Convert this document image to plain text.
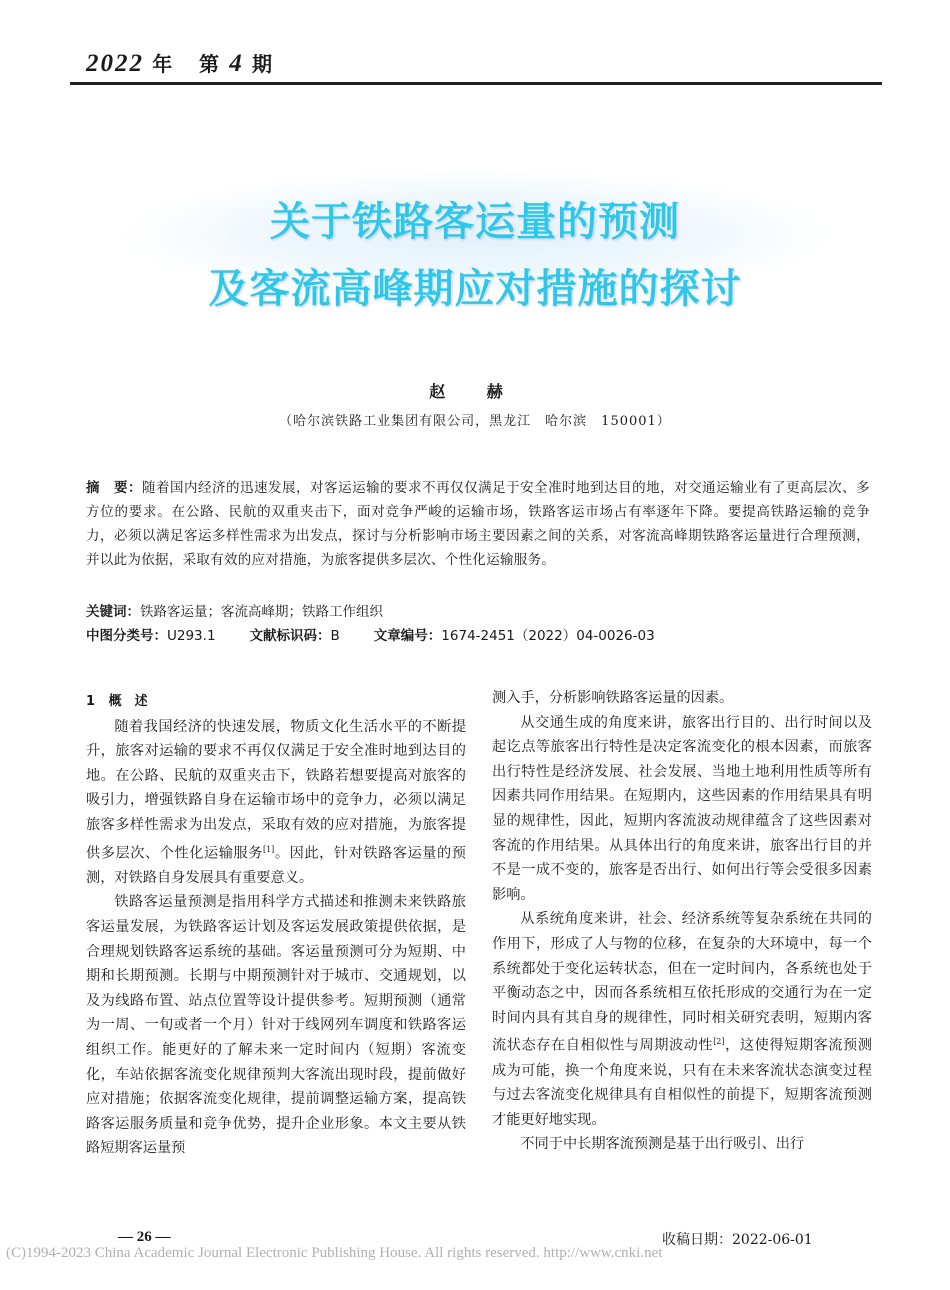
2022 年 第 4 期
关于铁路客运量的预测
及客流高峰期应对措施的探讨
赵 赫
（哈尔滨铁路工业集团有限公司，黑龙江　哈尔滨　150001）
摘　要：随着国内经济的迅速发展，对客运运输的要求不再仅仅满足于安全准时地到达目的地，对交通运输业有了更高层次、多方位的要求。在公路、民航的双重夹击下，面对竞争严峻的运输市场，铁路客运市场占有率逐年下降。要提高铁路运输的竞争力，必须以满足客运多样性需求为出发点，探讨与分析影响市场主要因素之间的关系，对客流高峰期铁路客运量进行合理预测，并以此为依据，采取有效的应对措施，为旅客提供多层次、个性化运输服务。
关键词：铁路客运量；客流高峰期；铁路工作组织
中图分类号：U293.1	文献标识码：B	文章编号：1674-2451（2022）04-0026-03

1 概　述

随着我国经济的快速发展，物质文化生活水平的不断提升，旅客对运输的要求不再仅仅满足于安全准时地到达目的地。在公路、民航的双重夹击下，铁路若想要提高对旅客的吸引力，增强铁路自身在运输市场中的竞争力，必须以满足旅客多样性需求为出发点，采取有效的应对措施，为旅客提供多层次、个性化运输服务[1]。因此，针对铁路客运量的预测，对铁路自身发展具有重要意义。

铁路客运量预测是指用科学方式描述和推测未来铁路旅客运量发展，为铁路客运计划及客运发展政策提供依据，是合理规划铁路客运系统的基础。客运量预测可分为短期、中期和长期预测。长期与中期预测针对于城市、交通规划，以及为线路布置、站点位置等设计提供参考。短期预测（通常为一周、一旬或者一个月）针对于线网列车调度和铁路客运组织工作。能更好的了解未来一定时间内（短期）客流变化，车站依据客流变化规律预判大客流出现时段，提前做好应对措施；依据客流变化规律，提前调整运输方案，提高铁路客运服务质量和竞争优势，提升企业形象。本文主要从铁路短期客运量预

测入手，分析影响铁路客运量的因素。

从交通生成的角度来讲，旅客出行目的、出行时间以及起讫点等旅客出行特性是决定客流变化的根本因素，而旅客出行特性是经济发展、社会发展、当地土地利用性质等所有因素共同作用结果。在短期内，这些因素的作用结果具有明显的规律性，因此，短期内客流波动规律蕴含了这些因素对客流的作用结果。从具体出行的角度来讲，旅客出行目的并不是一成不变的，旅客是否出行、如何出行等会受很多因素影响。

从系统角度来讲，社会、经济系统等复杂系统在共同的作用下，形成了人与物的位移，在复杂的大环境中，每一个系统都处于变化运转状态，但在一定时间内，各系统也处于平衡动态之中，因而各系统相互依托形成的交通行为在一定时间内具有其自身的规律性，同时相关研究表明，短期内客流状态存在自相似性与周期波动性[2]，这使得短期客流预测成为可能，换一个角度来说，只有在未来客流状态演变过程与过去客流变化规律具有自相似性的前提下，短期客流预测才能更好地实现。

不同于中长期客流预测是基于出行吸引、出行

— 26 —	收稿日期：2022-06-01
(C)1994-2023 China Academic Journal Electronic Publishing House. All rights reserved. http://www.cnki.net
